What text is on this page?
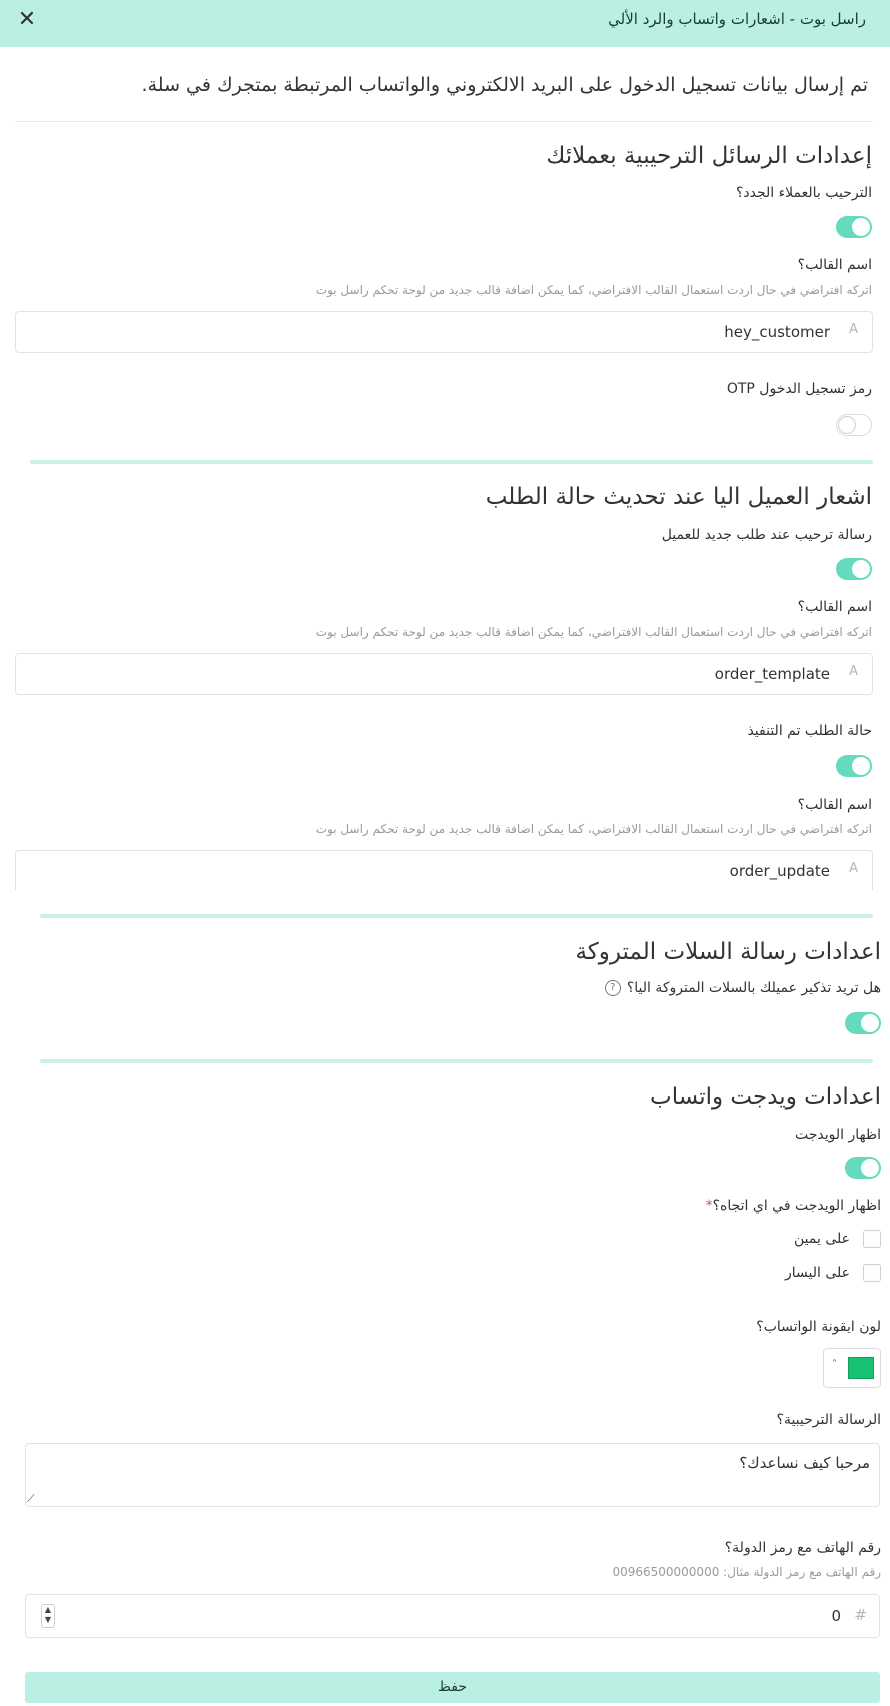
راسل بوت - اشعارات واتساب والرد الألي
✕
تم إرسال بيانات تسجيل الدخول على البريد الالكتروني والواتساب المرتبطة بمتجرك في سلة.
إعدادات الرسائل الترحيبية بعملائك
الترحيب بالعملاء الجدد؟
اسم القالب؟
اتركه افتراضي في حال اردت استعمال القالب الافتراضي، كما يمكن اضافة قالب جديد من لوحة تحكم راسل بوت
hey_customer A
رمز تسجيل الدخول OTP
اشعار العميل اليا عند تحديث حالة الطلب
رسالة ترحيب عند طلب جديد للعميل
اسم القالب؟
اتركه افتراضي في حال اردت استعمال القالب الافتراضي، كما يمكن اضافة قالب جديد من لوحة تحكم راسل بوت
order_template A
حالة الطلب تم التنفيذ
اسم القالب؟
اتركه افتراضي في حال اردت استعمال القالب الافتراضي، كما يمكن اضافة قالب جديد من لوحة تحكم راسل بوت
order_update A
اعدادات رسالة السلات المتروكة
هل تريد تذكير عميلك بالسلات المتروكة اليا؟?
اعدادات ويدجت واتساب
اظهار الويدجت
اظهار الويدجت في اي اتجاه؟*
على يمين
على اليسار
لون ايقونة الواتساب؟
˄
الرسالة الترحيبية؟
مرحبا كيف نساعدك؟
⟋
رقم الهاتف مع رمز الدولة؟
رقم الهاتف مع رمز الدولة مثال: 00966500000000
0 #
▲
▼
حفظ
